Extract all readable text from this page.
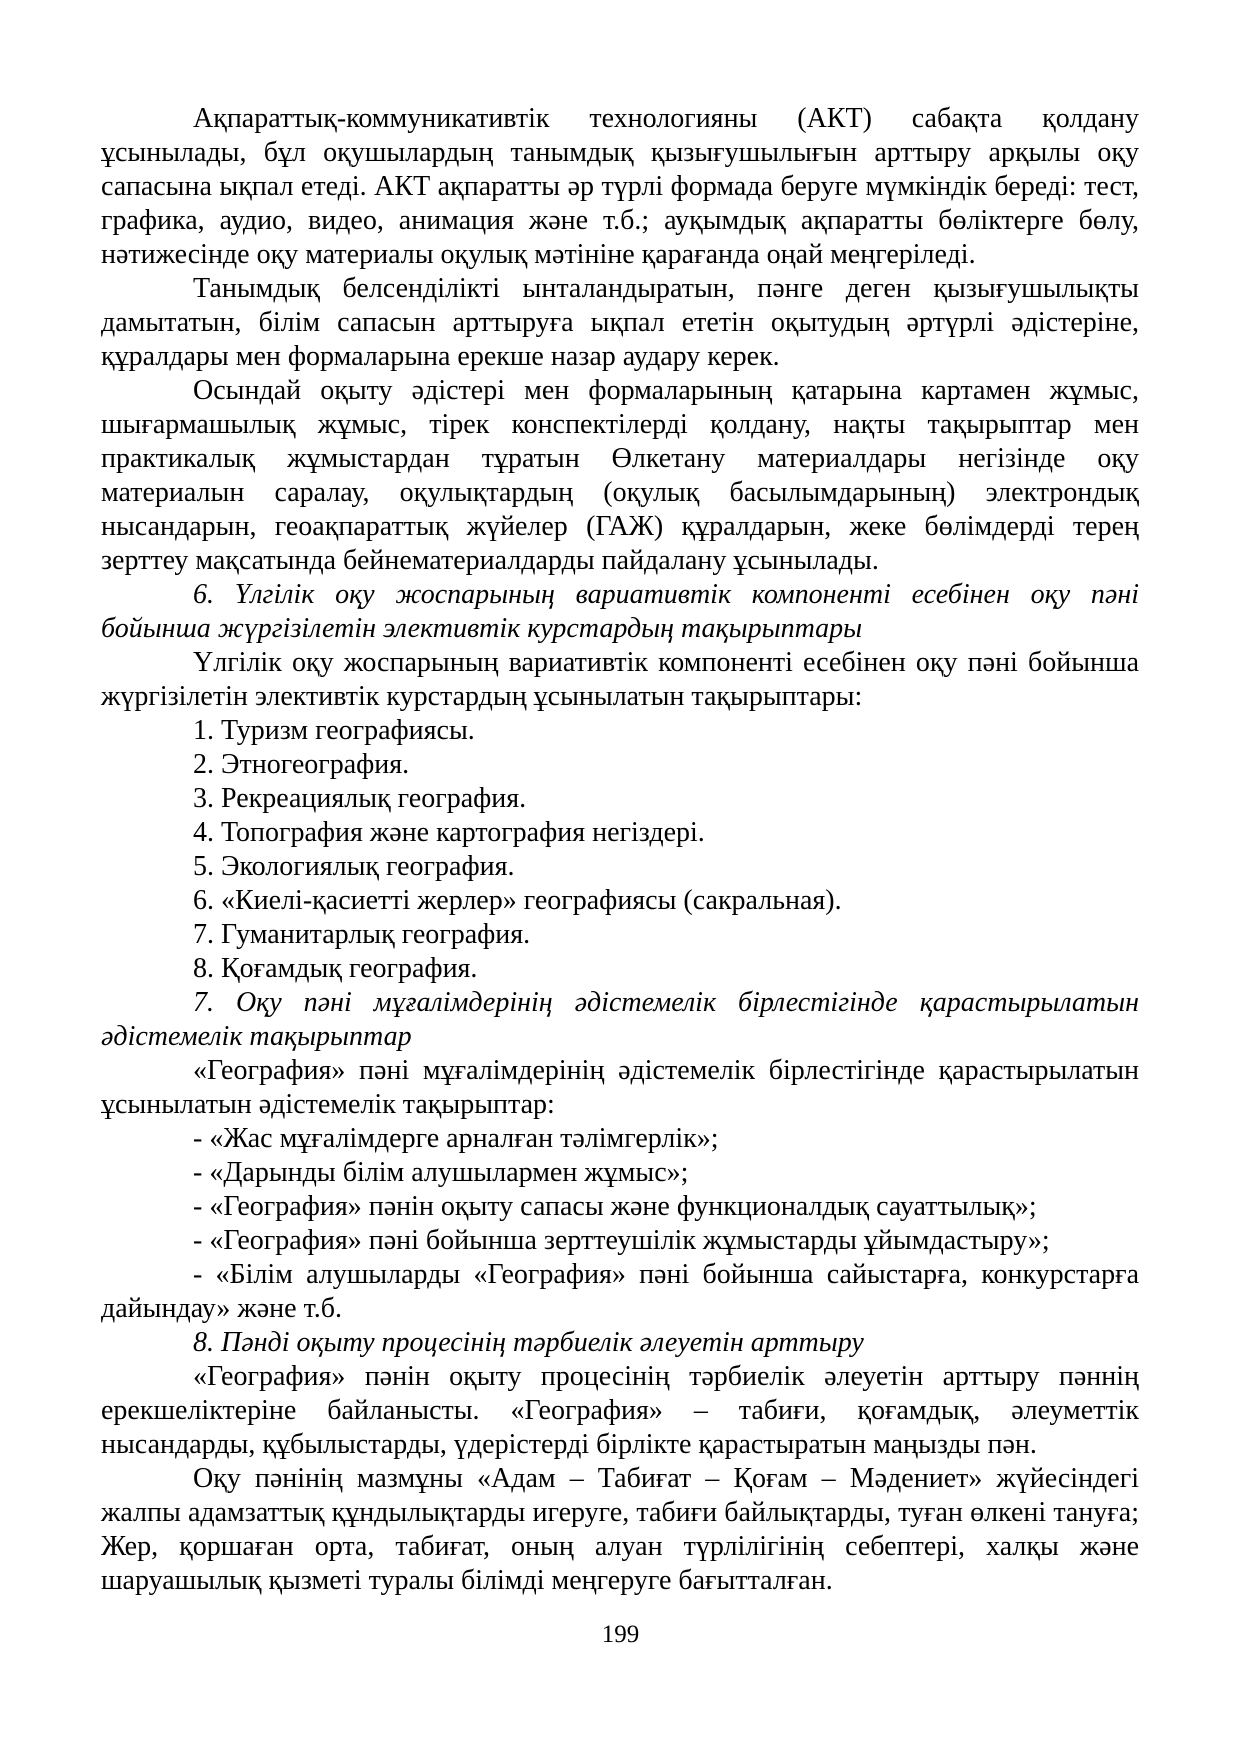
Ақпараттық-коммуникативтік технологияны (АКТ) сабақта қолдану ұсынылады, бұл оқушылардың танымдық қызығушылығын арттыру арқылы оқу сапасына ықпал етеді. АКТ ақпаратты әр түрлі формада беруге мүмкіндік береді: тест, графика, аудио, видео, анимация және т.б.; ауқымдық ақпаратты бөліктерге бөлу, нәтижесінде оқу материалы оқулық мәтініне қарағанда оңай меңгеріледі.

Танымдық белсенділікті ынталандыратын, пәнге деген қызығушылықты дамытатын, білім сапасын арттыруға ықпал ететін оқытудың әртүрлі әдістеріне, құралдары мен формаларына ерекше назар аудару керек.

Осындай оқыту әдістері мен формаларының қатарына картамен жұмыс, шығармашылық жұмыс, тірек конспектілерді қолдану, нақты тақырыптар мен практикалық жұмыстардан тұратын Өлкетану материалдары негізінде оқу материалын саралау, оқулықтардың (оқулық басылымдарының) электрондық нысандарын, геоақпараттық жүйелер (ГАЖ) құралдарын, жеке бөлімдерді терең зерттеу мақсатында бейнематериалдарды пайдалану ұсынылады.

6. Үлгілік оқу жоспарының вариативтік компоненті есебінен оқу пәні бойынша жүргізілетін элективтік курстардың тақырыптары

Үлгілік оқу жоспарының вариативтік компоненті есебінен оқу пәні бойынша жүргізілетін элективтік курстардың ұсынылатын тақырыптары:

1. Туризм географиясы.

2. Этногеография.

3. Рекреациялық география.

4. Топография және картография негіздері.

5. Экологиялық география.

6. «Киелі-қасиетті жерлер» географиясы (сакральная).

7. Гуманитарлық география.

8. Қоғамдық география.

7. Оқу пәні мұғалімдерінің әдістемелік бірлестігінде қарастырылатын әдістемелік тақырыптар

«География» пәні мұғалімдерінің әдістемелік бірлестігінде қарастырылатын ұсынылатын әдістемелік тақырыптар:

- «Жас мұғалімдерге арналған тәлімгерлік»;

- «Дарынды білім алушылармен жұмыс»;

- «География» пәнін оқыту сапасы және функционалдық сауаттылық»;

- «География» пәні бойынша зерттеушілік жұмыстарды ұйымдастыру»;

- «Білім алушыларды «География» пәні бойынша сайыстарға, конкурстарға дайындау» және т.б.

8. Пәнді оқыту процесінің тәрбиелік әлеуетін арттыру

«География» пәнін оқыту процесінің тәрбиелік әлеуетін арттыру пәннің ерекшеліктеріне байланысты. «География» – табиғи, қоғамдық, әлеуметтік нысандарды, құбылыстарды, үдерістерді бірлікте қарастыратын маңызды пән.

Оқу пәнінің мазмұны «Адам – Табиғат – Қоғам – Мәдениет» жүйесіндегі жалпы адамзаттық құндылықтарды игеруге, табиғи байлықтарды, туған өлкені тануға; Жер, қоршаған орта, табиғат, оның алуан түрлілігінің себептері, халқы және шаруашылық қызметі туралы білімді меңгеруге бағытталған.

199
